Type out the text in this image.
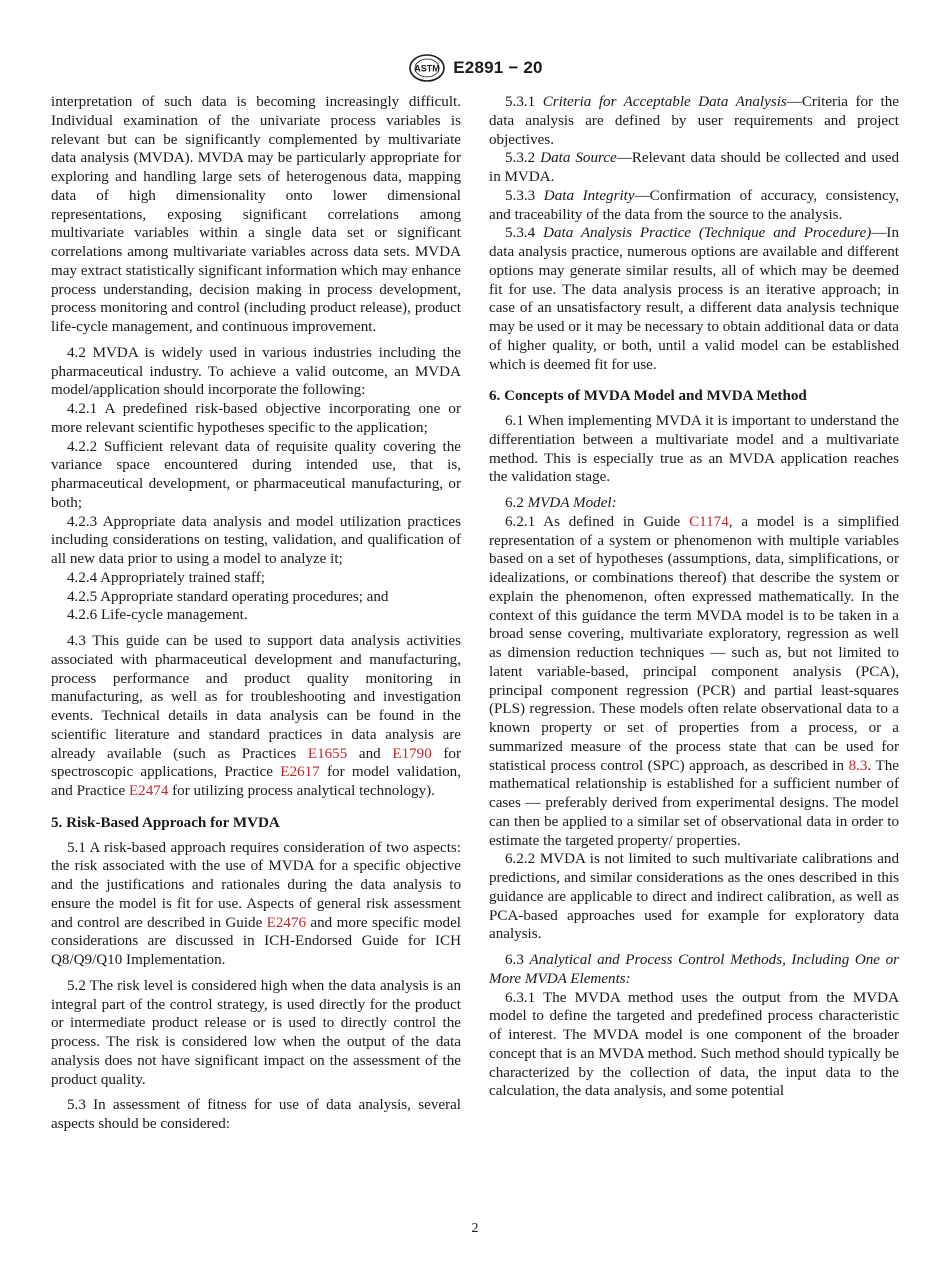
ASTM E2891 − 20

interpretation of such data is becoming increasingly difficult. Individual examination of the univariate process variables is relevant but can be significantly complemented by multivariate data analysis (MVDA). MVDA may be particularly appropriate for exploring and handling large sets of heterogenous data, mapping data of high dimensionality onto lower dimensional representations, exposing significant correlations among multivariate variables within a single data set or significant correlations among multivariate variables across data sets. MVDA may extract statistically significant information which may enhance process understanding, decision making in process development, process monitoring and control (including product release), product life-cycle management, and continuous improvement.

4.2 MVDA is widely used in various industries including the pharmaceutical industry. To achieve a valid outcome, an MVDA model/application should incorporate the following:

4.2.1 A predefined risk-based objective incorporating one or more relevant scientific hypotheses specific to the application;

4.2.2 Sufficient relevant data of requisite quality covering the variance space encountered during intended use, that is, pharmaceutical development, or pharmaceutical manufacturing, or both;

4.2.3 Appropriate data analysis and model utilization practices including considerations on testing, validation, and qualification of all new data prior to using a model to analyze it;

4.2.4 Appropriately trained staff;

4.2.5 Appropriate standard operating procedures; and

4.2.6 Life-cycle management.

4.3 This guide can be used to support data analysis activities associated with pharmaceutical development and manufacturing, process performance and product quality monitoring in manufacturing, as well as for troubleshooting and investigation events. Technical details in data analysis can be found in the scientific literature and standard practices in data analysis are already available (such as Practices E1655 and E1790 for spectroscopic applications, Practice E2617 for model validation, and Practice E2474 for utilizing process analytical technology).

5. Risk-Based Approach for MVDA

5.1 A risk-based approach requires consideration of two aspects: the risk associated with the use of MVDA for a specific objective and the justifications and rationales during the data analysis to ensure the model is fit for use. Aspects of general risk assessment and control are described in Guide E2476 and more specific model considerations are discussed in ICH-Endorsed Guide for ICH Q8/Q9/Q10 Implementation.

5.2 The risk level is considered high when the data analysis is an integral part of the control strategy, is used directly for the product or intermediate product release or is used to directly control the process. The risk is considered low when the output of the data analysis does not have significant impact on the assessment of the product quality.

5.3 In assessment of fitness for use of data analysis, several aspects should be considered:

5.3.1 Criteria for Acceptable Data Analysis—Criteria for the data analysis are defined by user requirements and project objectives.

5.3.2 Data Source—Relevant data should be collected and used in MVDA.

5.3.3 Data Integrity—Confirmation of accuracy, consistency, and traceability of the data from the source to the analysis.

5.3.4 Data Analysis Practice (Technique and Procedure)—In data analysis practice, numerous options are available and different options may generate similar results, all of which may be deemed fit for use. The data analysis process is an iterative approach; in case of an unsatisfactory result, a different data analysis technique may be used or it may be necessary to obtain additional data or data of higher quality, or both, until a valid model can be established which is deemed fit for use.

6. Concepts of MVDA Model and MVDA Method

6.1 When implementing MVDA it is important to understand the differentiation between a multivariate model and a multivariate method. This is especially true as an MVDA application reaches the validation stage.

6.2 MVDA Model:

6.2.1 As defined in Guide C1174, a model is a simplified representation of a system or phenomenon with multiple variables based on a set of hypotheses (assumptions, data, simplifications, or idealizations, or combinations thereof) that describe the system or explain the phenomenon, often expressed mathematically. In the context of this guidance the term MVDA model is to be taken in a broad sense covering, multivariate exploratory, regression as well as dimension reduction techniques — such as, but not limited to latent variable-based, principal component analysis (PCA), principal component regression (PCR) and partial least-squares (PLS) regression. These models often relate observational data to a known property or set of properties from a process, or a summarized measure of the process state that can be used for statistical process control (SPC) approach, as described in 8.3. The mathematical relationship is established for a sufficient number of cases — preferably derived from experimental designs. The model can then be applied to a similar set of observational data in order to estimate the targeted property/ properties.

6.2.2 MVDA is not limited to such multivariate calibrations and predictions, and similar considerations as the ones described in this guidance are applicable to direct and indirect calibration, as well as PCA-based approaches used for example for exploratory data analysis.

6.3 Analytical and Process Control Methods, Including One or More MVDA Elements:

6.3.1 The MVDA method uses the output from the MVDA model to define the targeted and predefined process characteristic of interest. The MVDA model is one component of the broader concept that is an MVDA method. Such method should typically be characterized by the collection of data, the input data to the calculation, the data analysis, and some potential

2
